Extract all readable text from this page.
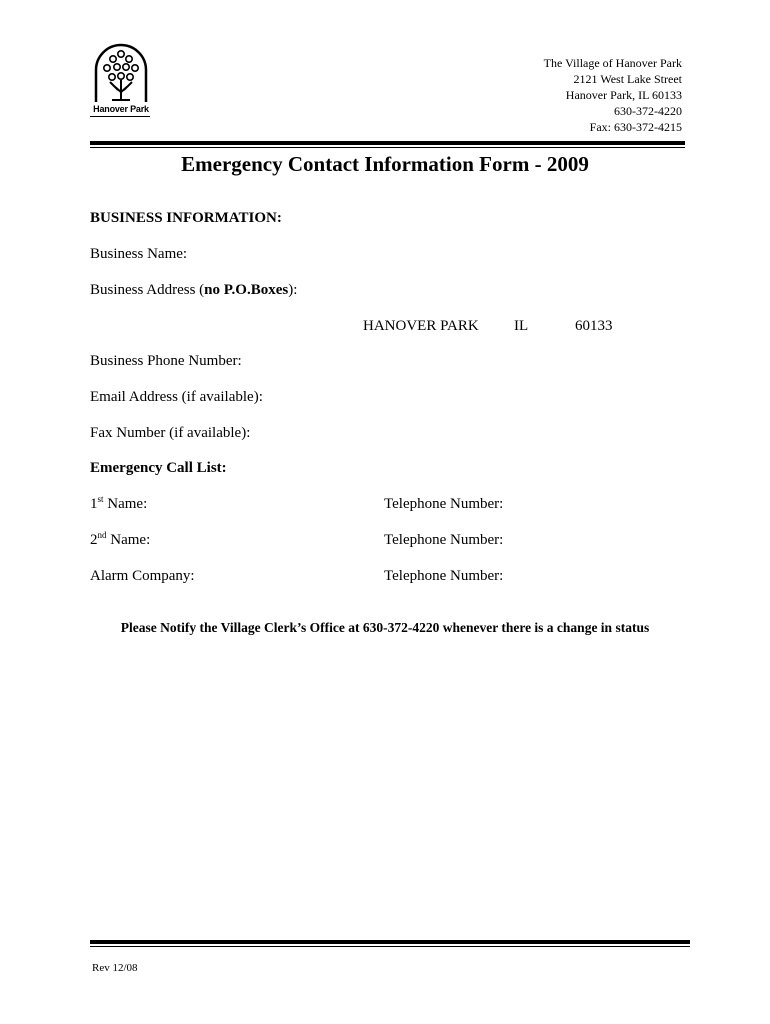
Hanover Park
The Village of Hanover Park
2121 West Lake Street
Hanover Park, IL 60133
630-372-4220
Fax: 630-372-4215
Emergency Contact Information Form - 2009
BUSINESS INFORMATION:
Business Name:
Business Address (no P.O.Boxes):
HANOVER PARK IL	60133
Business Phone Number:
Email Address (if available):
Fax Number (if available):
Emergency Call List:
1st Name:	Telephone Number:
2nd Name:	Telephone Number:
Alarm Company:	Telephone Number:
Please Notify the Village Clerk’s Office at 630-372-4220 whenever there is a change in status
Rev 12/08
